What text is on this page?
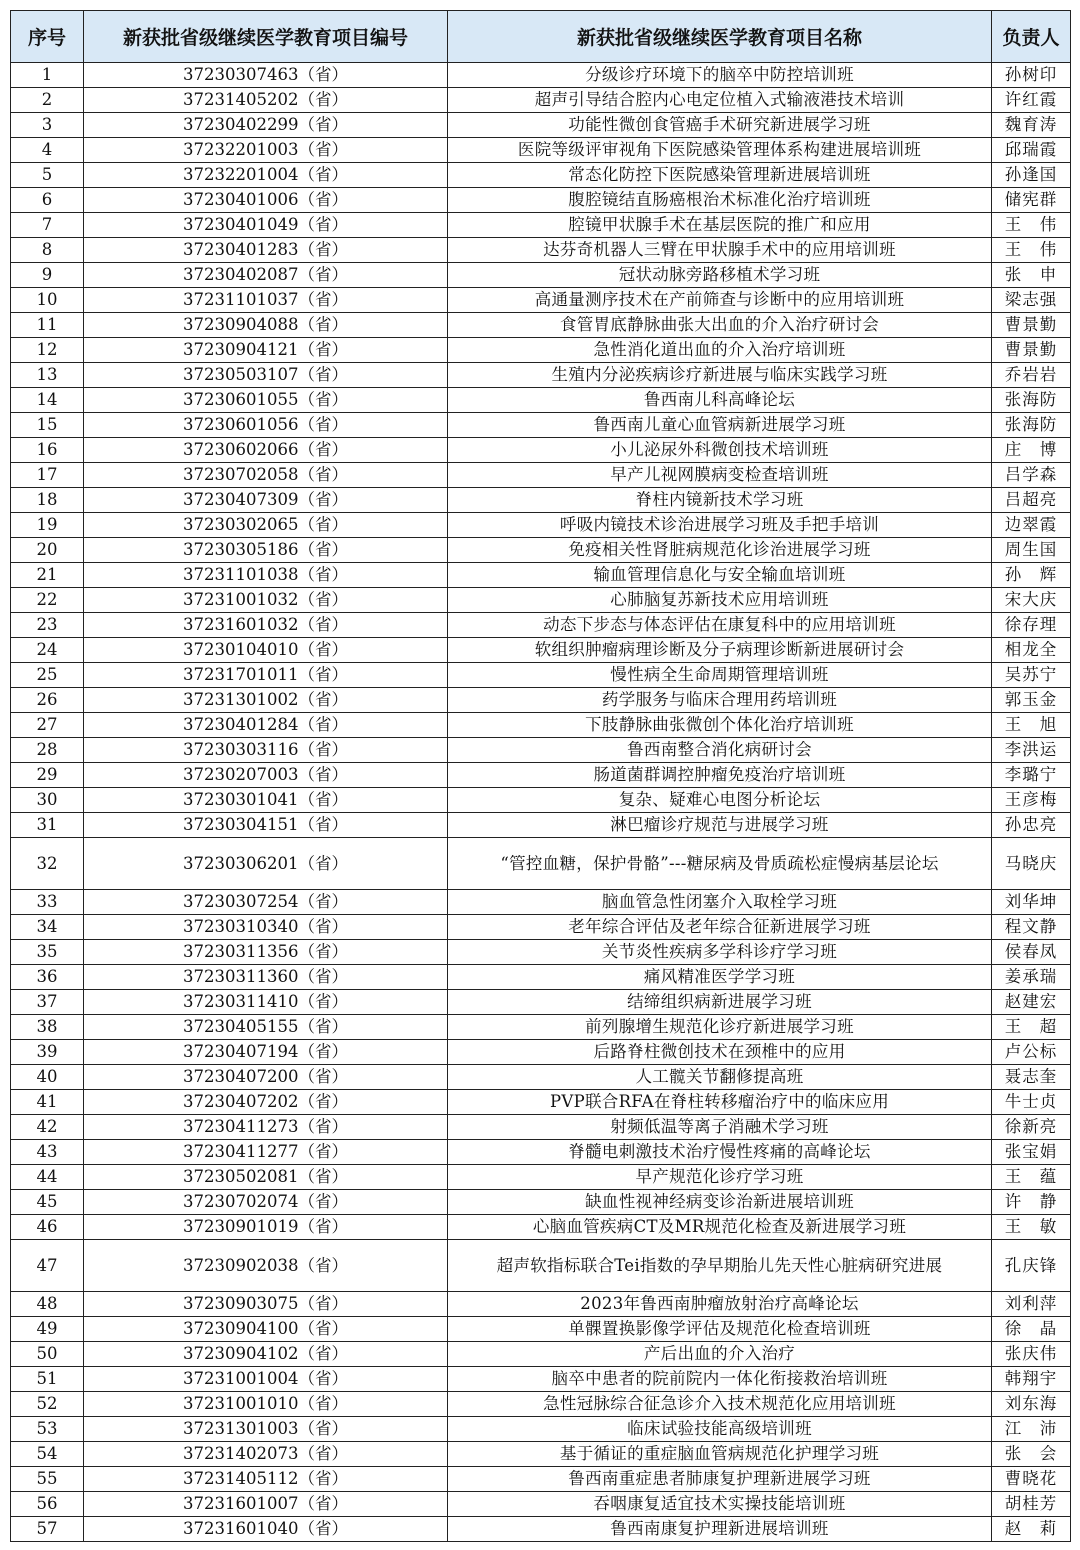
序号	新获批省级继续医学教育项目编号	新获批省级继续医学教育项目名称	负责人
1	37230307463（省）	分级诊疗环境下的脑卒中防控培训班	孙树印
2	37231405202（省）	超声引导结合腔内心电定位植入式输液港技术培训	许红霞
3	37230402299（省）	功能性微创食管癌手术研究新进展学习班	魏育涛
4	37232201003（省）	医院等级评审视角下医院感染管理体系构建进展培训班	邱瑞霞
5	37232201004（省）	常态化防控下医院感染管理新进展培训班	孙逢国
6	37230401006（省）	腹腔镜结直肠癌根治术标准化治疗培训班	储宪群
7	37230401049（省）	腔镜甲状腺手术在基层医院的推广和应用	王　伟
8	37230401283（省）	达芬奇机器人三臂在甲状腺手术中的应用培训班	王　伟
9	37230402087（省）	冠状动脉旁路移植术学习班	张　申
10	37231101037（省）	高通量测序技术在产前筛查与诊断中的应用培训班	梁志强
11	37230904088（省）	食管胃底静脉曲张大出血的介入治疗研讨会	曹景勤
12	37230904121（省）	急性消化道出血的介入治疗培训班	曹景勤
13	37230503107（省）	生殖内分泌疾病诊疗新进展与临床实践学习班	乔岩岩
14	37230601055（省）	鲁西南儿科高峰论坛	张海防
15	37230601056（省）	鲁西南儿童心血管病新进展学习班	张海防
16	37230602066（省）	小儿泌尿外科微创技术培训班	庄　博
17	37230702058（省）	早产儿视网膜病变检查培训班	吕学森
18	37230407309（省）	脊柱内镜新技术学习班	吕超亮
19	37230302065（省）	呼吸内镜技术诊治进展学习班及手把手培训	边翠霞
20	37230305186（省）	免疫相关性肾脏病规范化诊治进展学习班	周生国
21	37231101038（省）	输血管理信息化与安全输血培训班	孙　辉
22	37231001032（省）	心肺脑复苏新技术应用培训班	宋大庆
23	37231601032（省）	动态下步态与体态评估在康复科中的应用培训班	徐存理
24	37230104010（省）	软组织肿瘤病理诊断及分子病理诊断新进展研讨会	相龙全
25	37231701011（省）	慢性病全生命周期管理培训班	吴苏宁
26	37231301002（省）	药学服务与临床合理用药培训班	郭玉金
27	37230401284（省）	下肢静脉曲张微创个体化治疗培训班	王　旭
28	37230303116（省）	鲁西南整合消化病研讨会	李洪运
29	37230207003（省）	肠道菌群调控肿瘤免疫治疗培训班	李璐宁
30	37230301041（省）	复杂、疑难心电图分析论坛	王彦梅
31	37230304151（省）	淋巴瘤诊疗规范与进展学习班	孙忠亮
32	37230306201（省）	“管控血糖，保护骨骼”---糖尿病及骨质疏松症慢病基层论坛	马晓庆
33	37230307254（省）	脑血管急性闭塞介入取栓学习班	刘华坤
34	37230310340（省）	老年综合评估及老年综合征新进展学习班	程文静
35	37230311356（省）	关节炎性疾病多学科诊疗学习班	侯春凤
36	37230311360（省）	痛风精准医学学习班	姜承瑞
37	37230311410（省）	结缔组织病新进展学习班	赵建宏
38	37230405155（省）	前列腺增生规范化诊疗新进展学习班	王　超
39	37230407194（省）	后路脊柱微创技术在颈椎中的应用	卢公标
40	37230407200（省）	人工髋关节翻修提高班	聂志奎
41	37230407202（省）	PVP联合RFA在脊柱转移瘤治疗中的临床应用	牛士贞
42	37230411273（省）	射频低温等离子消融术学习班	徐新亮
43	37230411277（省）	脊髓电刺激技术治疗慢性疼痛的高峰论坛	张宝娟
44	37230502081（省）	早产规范化诊疗学习班	王　蕴
45	37230702074（省）	缺血性视神经病变诊治新进展培训班	许　静
46	37230901019（省）	心脑血管疾病CT及MR规范化检查及新进展学习班	王　敏
47	37230902038（省）	超声软指标联合Tei指数的孕早期胎儿先天性心脏病研究进展	孔庆锋
48	37230903075（省）	2023年鲁西南肿瘤放射治疗高峰论坛	刘利萍
49	37230904100（省）	单髁置换影像学评估及规范化检查培训班	徐　晶
50	37230904102（省）	产后出血的介入治疗	张庆伟
51	37231001004（省）	脑卒中患者的院前院内一体化衔接救治培训班	韩翔宇
52	37231001010（省）	急性冠脉综合征急诊介入技术规范化应用培训班	刘东海
53	37231301003（省）	临床试验技能高级培训班	江　沛
54	37231402073（省）	基于循证的重症脑血管病规范化护理学习班	张　会
55	37231405112（省）	鲁西南重症患者肺康复护理新进展学习班	曹晓花
56	37231601007（省）	吞咽康复适宜技术实操技能培训班	胡桂芳
57	37231601040（省）	鲁西南康复护理新进展培训班	赵　莉
